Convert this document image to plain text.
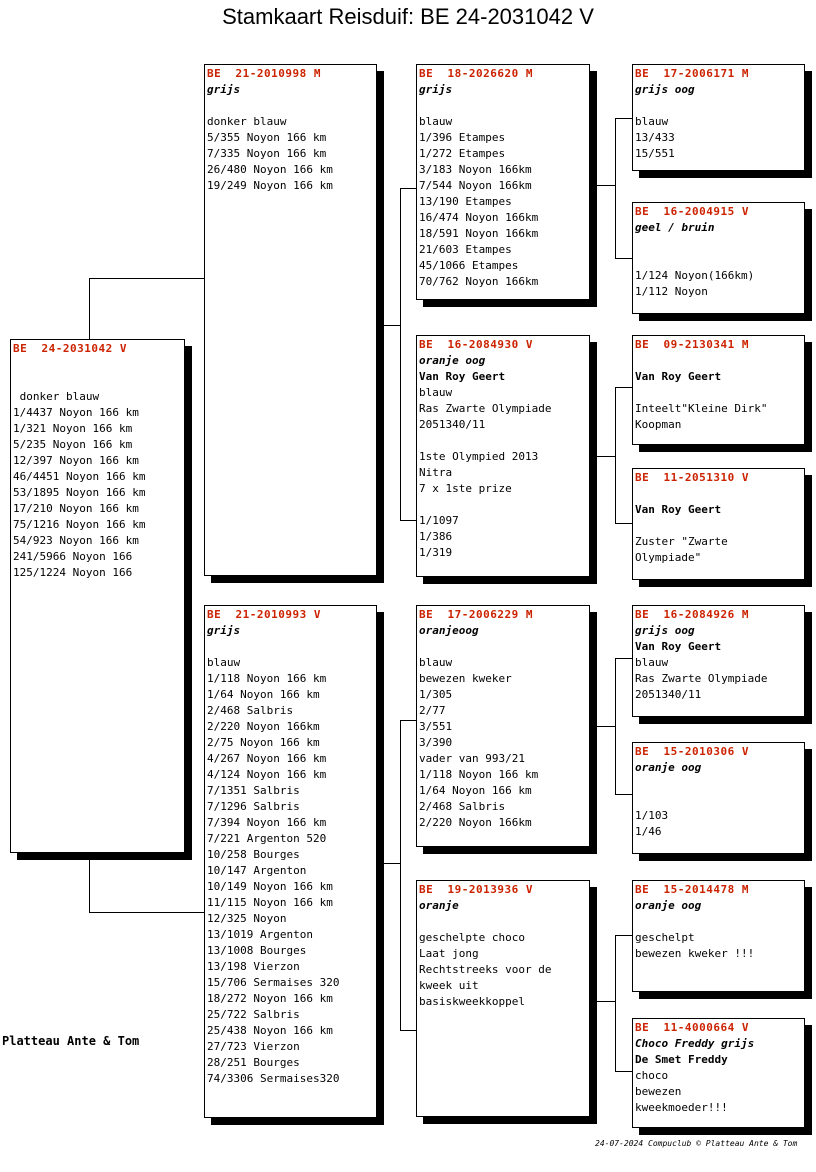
Stamkaart Reisduif: BE 24-2031042 V
BE  24-2031042 V
donker blauw
1/4437 Noyon 166 km
1/321 Noyon 166 km
5/235 Noyon 166 km
12/397 Noyon 166 km
46/4451 Noyon 166 km
53/1895 Noyon 166 km
17/210 Noyon 166 km
75/1216 Noyon 166 km
54/923 Noyon 166 km
241/5966 Noyon 166
125/1224 Noyon 166
BE  21-2010998 M
grijs
donker blauw
5/355 Noyon 166 km
7/335 Noyon 166 km
26/480 Noyon 166 km
19/249 Noyon 166 km
BE  21-2010993 V
grijs
blauw
1/118 Noyon 166 km
1/64 Noyon 166 km
2/468 Salbris
2/220 Noyon 166km
2/75 Noyon 166 km
4/267 Noyon 166 km
4/124 Noyon 166 km
7/1351 Salbris
7/1296 Salbris
7/394 Noyon 166 km
7/221 Argenton 520
10/258 Bourges
10/147 Argenton
10/149 Noyon 166 km
11/115 Noyon 166 km
12/325 Noyon
13/1019 Argenton
13/1008 Bourges
13/198 Vierzon
15/706 Sermaises 320
18/272 Noyon 166 km
25/722 Salbris
25/438 Noyon 166 km
27/723 Vierzon
28/251 Bourges
74/3306 Sermaises320
BE  18-2026620 M
grijs
blauw
1/396 Etampes
1/272 Etampes
3/183 Noyon 166km
7/544 Noyon 166km
13/190 Etampes
16/474 Noyon 166km
18/591 Noyon 166km
21/603 Etampes
45/1066 Etampes
70/762 Noyon 166km
BE  16-2084930 V
oranje oog
Van Roy Geert
blauw
Ras Zwarte Olympiade
2051340/11
1ste Olympied 2013
Nitra
7 x 1ste prize
1/1097
1/386
1/319
BE  17-2006229 M
oranjeoog
blauw
bewezen kweker
1/305
2/77
3/551
3/390
vader van 993/21
1/118 Noyon 166 km
1/64 Noyon 166 km
2/468 Salbris
2/220 Noyon 166km
BE  19-2013936 V
oranje
geschelpte choco
Laat jong
Rechtstreeks voor de
kweek uit
basiskweekkoppel
BE  17-2006171 M
grijs oog
blauw
13/433
15/551
BE  16-2004915 V
geel / bruin
1/124 Noyon(166km)
1/112 Noyon
BE  09-2130341 M
Van Roy Geert
Inteelt"Kleine Dirk"
Koopman
BE  11-2051310 V
Van Roy Geert
Zuster "Zwarte
Olympiade"
BE  16-2084926 M
grijs oog
Van Roy Geert
blauw
Ras Zwarte Olympiade
2051340/11
BE  15-2010306 V
oranje oog
1/103
1/46
BE  15-2014478 M
oranje oog
geschelpt
bewezen kweker !!!
BE  11-4000664 V
Choco Freddy grijs
De Smet Freddy
choco
bewezen
kweekmoeder!!!
Platteau Ante & Tom
24-07-2024 Compuclub © Platteau Ante & Tom
